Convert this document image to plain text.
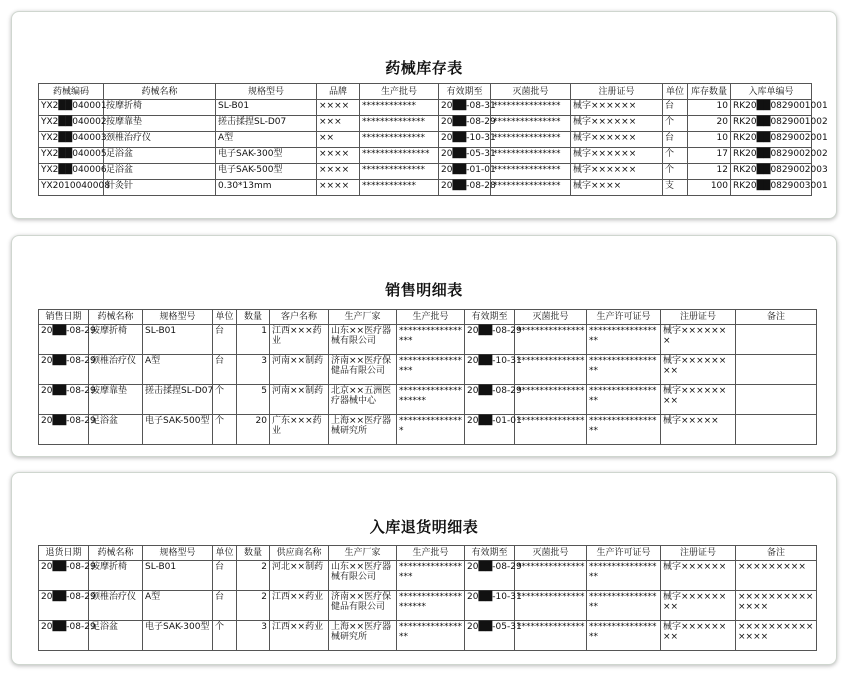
药械库存表
药械编码	药械名称	规格型号	品牌	生产批号	有效期至	灭菌批号	注册证号	单位	库存数量	入库单编号
YX2██040001	按摩折椅	SL-B01	××××	************	20██-08-31	***************	械字××××××	台	10	RK20██0829001001
YX2██040002	按摩靠垫	搓击揉捏SL-D07	×××	**************	20██-08-29	***************	械字××××××	个	20	RK20██0829001002
YX2██040003	颈椎治疗仪	A型	××	**************	20██-10-31	***************	械字××××××	台	10	RK20██0829002001
YX2██040005	足浴盆	电子SAK-300型	××××	***************	20██-05-31	***************	械字××××××	个	17	RK20██0829002002
YX2██040006	足浴盆	电子SAK-500型	××××	**************	20██-01-01	***************	械字××××××	个	12	RK20██0829002003
YX2010040008	针灸针	0.30*13mm	××××	************	20██-08-28	***************	械字××××	支	100	RK20██0829003001
销售明细表
销售日期	药械名称	规格型号	单位	数量	客户名称	生产厂家	生产批号	有效期至	灭菌批号	生产许可证号	注册证号	备注
20██-08-29	按摩折椅	SL-B01	台	1	江西×××药业	山东××医疗器械有限公司	*****************	20██-08-29	***************	*****************	械字×××××××	
20██-08-29	颈椎治疗仪	A型	台	3	河南××制药	济南××医疗保健品有限公司	*****************	20██-10-31	***************	*****************	械字××××××××	
20██-08-29	按摩靠垫	搓击揉捏SL-D07	个	5	河南××制药	北京××五洲医疗器械中心	********************	20██-08-29	***************	*****************	械字××××××××	
20██-08-29	足浴盆	电子SAK-500型	个	20	广东×××药业	上海××医疗器械研究所	***************	20██-01-01	***************	*****************	械字×××××	
入库退货明细表
退货日期	药械名称	规格型号	单位	数量	供应商名称	生产厂家	生产批号	有效期至	灭菌批号	生产许可证号	注册证号	备注
20██-08-29	按摩折椅	SL-B01	台	2	河北××制药	山东××医疗器械有限公司	*****************	20██-08-29	***************	*****************	械字××××××	×××××××××
20██-08-29	颈椎治疗仪	A型	台	2	江西××药业	济南××医疗保健品有限公司	********************	20██-10-31	***************	*****************	械字××××××××	××××××××××××××
20██-08-29	足浴盆	电子SAK-300型	个	3	江西××药业	上海××医疗器械研究所	****************	20██-05-31	***************	*****************	械字××××××××	××××××××××××××
